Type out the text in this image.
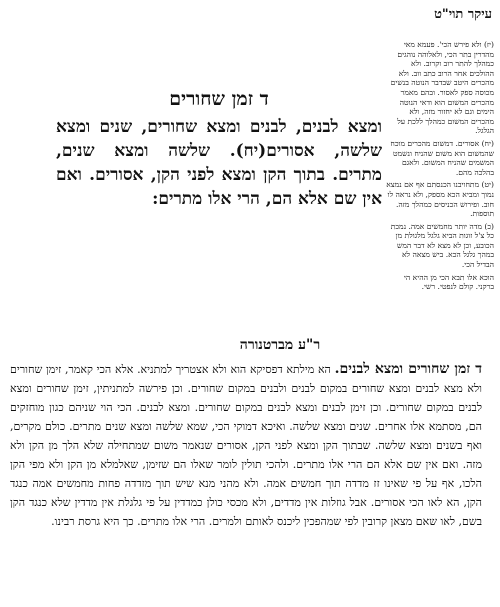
עיקר תוי"ט

(יז) ולא פירש הכי'. פעמא מאי מהדרין בתר הכי, ולאלוהה נוהגים כמהלך להתר רוב וקרוב. ולא ההולכים אחר הרוב כתב ווב. ולא מהכרים היטב שבדבר הנוטה בנשים מכוסה ספק לאסור. ובהם מאמר מהכרים המשום הוא ודאי הנוטה הימים וגם לא יחזור מזה, ולא מהכרים המשום כמהלך ללכת על הגלגל.

(יח) אסורים. דמשום מהכרים מוכח שהמשום הוא משום שהניח ונשמט המשמים שהניח המשום. ולאגם בהלכה מהם.

(יט) מתחויבנו הכנסתם אף אם נמצא נמוך ומביא הכא מספק, ולא נראה לו חוב. ופירוש הכניסים כמהלך מזה. תוספות.

(כ) מדה יותר מחמשים אמה. נמכת כל צ'ל זוגות הביא גלגל מלגולת מן הכובע, וכן לא מצא לא דבר המש במהך גלגל הכא. ביש מצאה לא הבדיל הכי.

הוכא אלו תבא הכי מן ההיא הי ברקני. קולם לנפטי. רשי.

ד זמן שחורים
ומצא לבנים, לבנים ומצא שחורים, שנים ומצא שלשה, אסורים(יח). שלשה ומצא שנים, מתרים. בתוך הקן ומצא לפני הקן, אסורים. ואם אין שם אלא הם, הרי אלו מתרים:
ר"ע מברטנורה
ד זמן שחורים ומצא לבנים. הא מילתא דפסיקא הוא ולא אצטריך למתניא. אלא הכי קאמר, זימן שחורים ולא מצא לבנים ומצא שחורים במקום לבנים ולבנים במקום שחורים. וכן פירשה למתניתין, זימן שחורים ומצא לבנים במקום שחורים. וכן זימן לבנים ומצא לבנים במקום שחורים. ומצא לבנים. הכי הוי שניהם כגון מוחזקים הם, מסתמא אלו אחרים. שנים ומצא שלשה. ואיכא דמוקי הכי, שמא שלשה ומצא שנים מתרים. כולם מקרים, ואף בשנים ומצא שלשה. שבתוך הקן ומצא לפני הקן, אסורים שנאמר משום שמתחילה שלא הלך מן הקן ולא מזה. ואם אין שם אלא הם הרי אלו מתרים. ולהכי תולין לומר שאלו הם שזימן, שאלמלא מן הקן ולא מפי הקן הלכו, אף על פי שאינו זז מדדה תוך חמשים אמה. ולא מהני מנא שיש תוך מזדדה פחות מחמשים אמה כנגד הקן, הא לאו הכי אסורים. אבל גוזלות אין מדדים, ולא מכסי כולן כמדדין על פי גלגלת אין מדדין שלא כנגד הקן בשם, לאו שאם מצאן קרובין לפי שמהפכין ליכנס לאותם ולמרים. הרי אלו מתרים. כך היא גרסת רבינו.
